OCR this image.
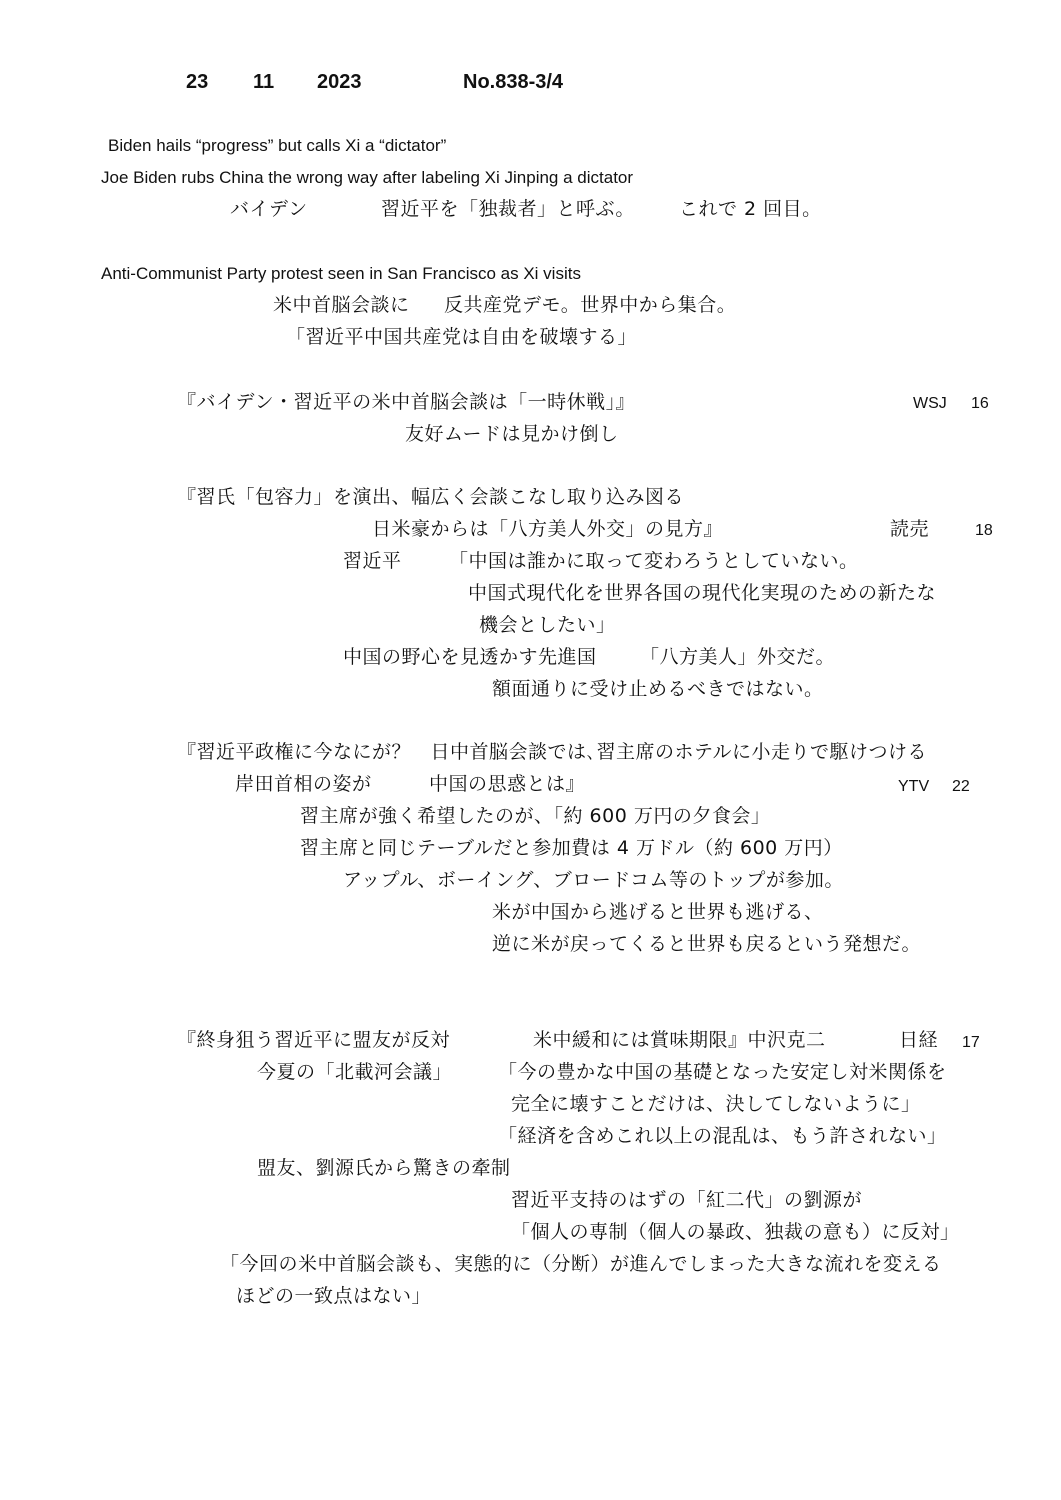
23 11 2023	No.838-3/4
Biden hails “progress” but calls Xi a “dictator”
Joe Biden rubs China the wrong way after labeling Xi Jinping a dictator
バイデン	習近平を「独裁者」と呼ぶ。 これで 2 回目。
Anti-Communist Party protest seen in San Francisco as Xi visits
米中首脳会談に 反共産党デモ。世界中から集合。
「習近平中国共産党は自由を破壊する」
『バイデン・習近平の米中首脳会談は「一時休戦」』	WSJ 16
友好ムードは見かけ倒し
『習氏「包容力」を演出、幅広く会談こなし取り込み図る
日米豪からは「八方美人外交」の見方』	読売	18
習近平 「中国は誰かに取って変わろうとしていない。
中国式現代化を世界各国の現代化実現のための新たな
機会としたい」
中国の野心を見透かす先進国 「八方美人」外交だ。
額面通りに受け止めるべきではない。
『習近平政権に今なにが？　日中首脳会談では､習主席のホテルに小走りで駆けつける
岸田首相の姿が	中国の思惑とは』	YTV 22
習主席が強く希望したのが、「約 600 万円の夕食会」
習主席と同じテーブルだと参加費は 4 万ドル（約 600 万円）
アップル、ボーイング、ブロードコム等のトップが参加。
米が中国から逃げると世界も逃げる、
逆に米が戻ってくると世界も戻るという発想だ。
『終身狙う習近平に盟友が反対	米中緩和には賞味期限』中沢克二	日経 17
今夏の「北載河会議」 「今の豊かな中国の基礎となった安定し対米関係を
完全に壊すことだけは、決してしないように」
「経済を含めこれ以上の混乱は、もう許されない」
盟友、劉源氏から驚きの牽制
習近平支持のはずの「紅二代」の劉源が
「個人の専制（個人の暴政、独裁の意も）に反対」
「今回の米中首脳会談も、実態的に（分断）が進んでしまった大きな流れを変える
ほどの一致点はない」
